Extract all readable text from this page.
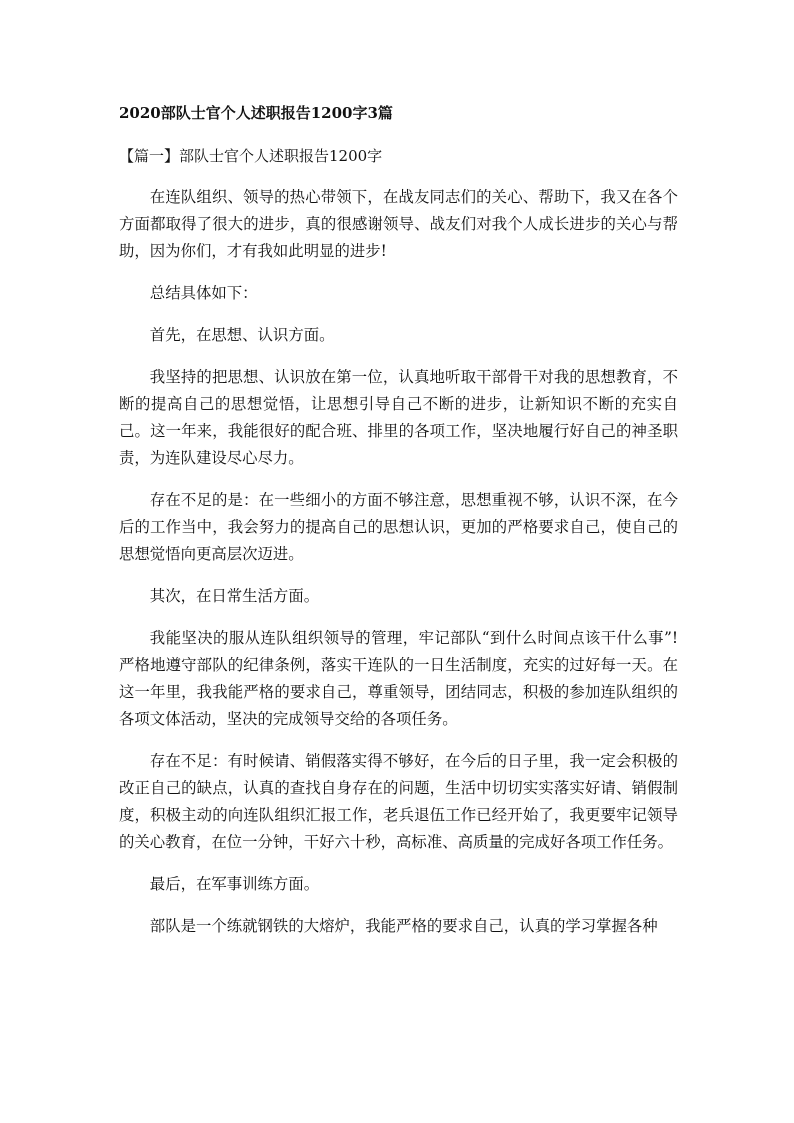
2020部队士官个人述职报告1200字3篇
【篇一】部队士官个人述职报告1200字

在连队组织、领导的热心带领下，在战友同志们的关心、帮助下，我又在各个方面都取得了很大的进步，真的很感谢领导、战友们对我个人成长进步的关心与帮助，因为你们，才有我如此明显的进步!

总结具体如下：

首先，在思想、认识方面。

我坚持的把思想、认识放在第一位，认真地听取干部骨干对我的思想教育，不断的提高自己的思想觉悟，让思想引导自己不断的进步，让新知识不断的充实自己。这一年来，我能很好的配合班、排里的各项工作，坚决地履行好自己的神圣职责，为连队建设尽心尽力。

存在不足的是：在一些细小的方面不够注意，思想重视不够，认识不深，在今后的工作当中，我会努力的提高自己的思想认识，更加的严格要求自己，使自己的思想觉悟向更高层次迈进。

其次，在日常生活方面。

我能坚决的服从连队组织领导的管理，牢记部队“到什么时间点该干什么事”!严格地遵守部队的纪律条例，落实干连队的一日生活制度，充实的过好每一天。在这一年里，我我能严格的要求自己，尊重领导，团结同志，积极的参加连队组织的各项文体活动，坚决的完成领导交给的各项任务。

存在不足：有时候请、销假落实得不够好，在今后的日子里，我一定会积极的改正自己的缺点，认真的查找自身存在的问题，生活中切切实实落实好请、销假制度，积极主动的向连队组织汇报工作，老兵退伍工作已经开始了，我更要牢记领导的关心教育，在位一分钟，干好六十秒，高标准、高质量的完成好各项工作任务。

最后，在军事训练方面。

部队是一个练就钢铁的大熔炉，我能严格的要求自己，认真的学习掌握各种
